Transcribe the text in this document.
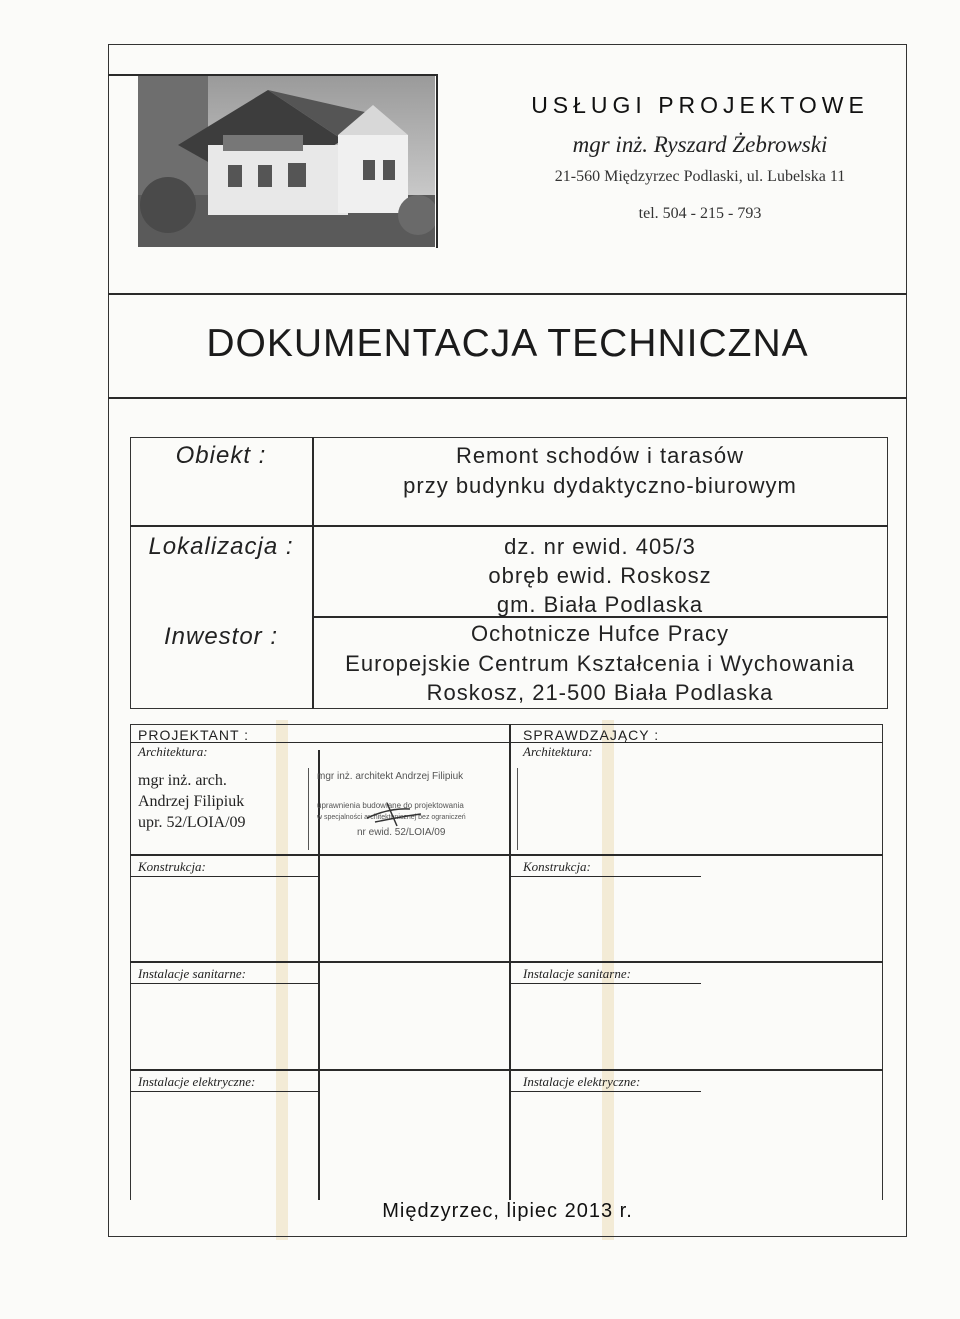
USŁUGI PROJEKTOWE
mgr inż. Ryszard Żebrowski
21-560 Międzyrzec Podlaski, ul. Lubelska 11
tel. 504 - 215 - 793
DOKUMENTACJA TECHNICZNA
Obiekt :	Remont schodów i tarasów
przy budynku dydaktyczno-biurowym
Lokalizacja :	dz. nr ewid. 405/3
obręb ewid. Roskosz
gm. Biała Podlaska
Inwestor :	Ochotnicze Hufce Pracy
Europejskie Centrum Kształcenia i Wychowania
Roskosz, 21-500 Biała Podlaska
PROJEKTANT :	SPRAWDZAJĄCY :
Architektura:	Architektura:
mgr inż. arch.
Andrzej Filipiuk
upr. 52/LOIA/09
mgr inż. architekt Andrzej Filipiuk
uprawnienia budowlane do projektowania
w specjalności architektonicznej bez ograniczeń
nr ewid. 52/LOIA/09
Konstrukcja:	Konstrukcja:
Instalacje sanitarne:	Instalacje sanitarne:
Instalacje elektryczne:	Instalacje elektryczne:
Międzyrzec, lipiec 2013 r.
